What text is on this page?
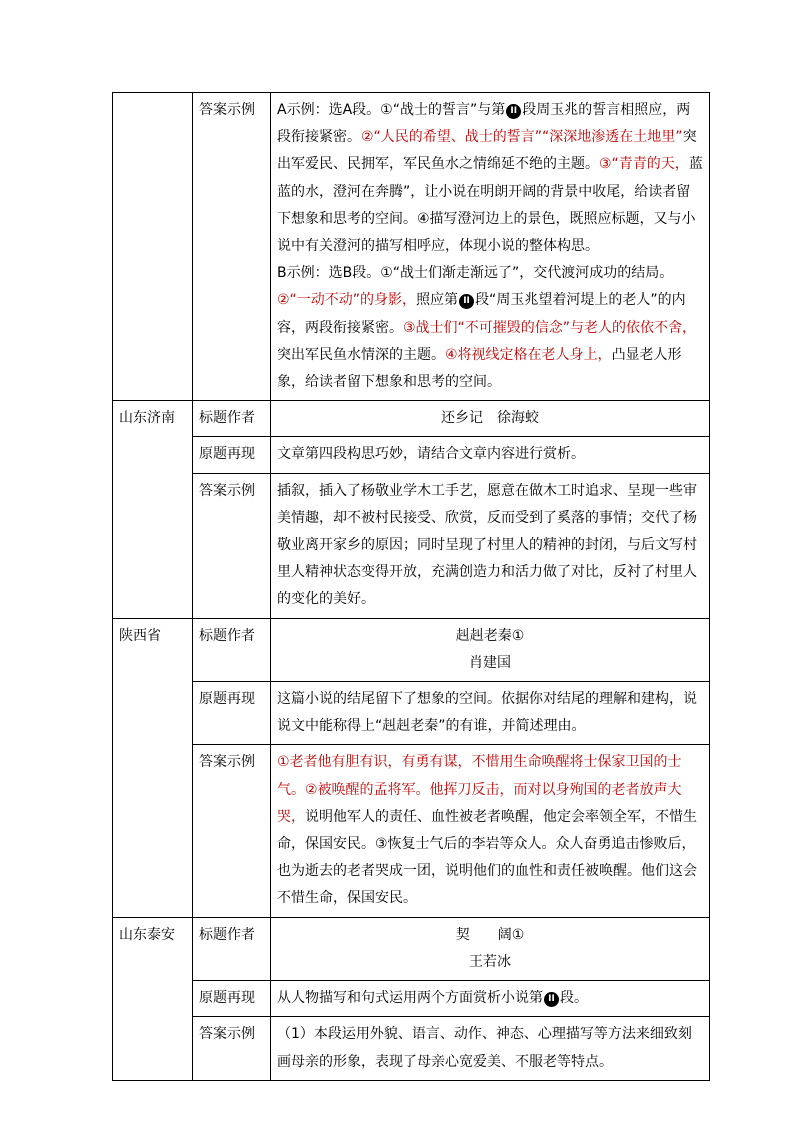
	答案示例	A示例：选A段。①“战士的誓言”与第 II 段周玉兆的誓言相照应，两段衔接紧密。②“人民的希望、战士的誓言”“深深地渗透在土地里”突出军爱民、民拥军，军民鱼水之情绵延不绝的主题。③“青青的天，蓝蓝的水，澄河在奔腾”，让小说在明朗开阔的背景中收尾，给读者留下想象和思考的空间。④描写澄河边上的景色，既照应标题，又与小说中有关澄河的描写相呼应，体现小说的整体构思。
B示例：选B段。①“战士们渐走渐远了”，交代渡河成功的结局。②“一动不动”的身影，照应第 II 段“周玉兆望着河堤上的老人”的内容，两段衔接紧密。③战士们“不可摧毁的信念”与老人的依依不舍，突出军民鱼水情深的主题。④将视线定格在老人身上，凸显老人形象，给读者留下想象和思考的空间。

山东济南	标题作者	还乡记　徐海蛟
	原题再现	文章第四段构思巧妙，请结合文章内容进行赏析。
	答案示例	插叙，插入了杨敬业学木工手艺，愿意在做木工时追求、呈现一些审美情趣，却不被村民接受、欣赏，反而受到了奚落的事情；交代了杨敬业离开家乡的原因；同时呈现了村里人的精神的封闭，与后文写村里人精神状态变得开放，充满创造力和活力做了对比，反衬了村里人的变化的美好。
陕西省	标题作者	赳赳老秦①
肖建国

	原题再现	这篇小说的结尾留下了想象的空间。依据你对结尾的理解和建构，说说文中能称得上“赳赳老秦”的有谁，并简述理由。
	答案示例	①老者他有胆有识，有勇有谋，不惜用生命唤醒将士保家卫国的士气。②被唤醒的孟将军。他挥刀反击，而对以身殉国的老者放声大哭，说明他军人的责任、血性被老者唤醒，他定会率领全军，不惜生命，保国安民。③恢复士气后的李岩等众人。众人奋勇追击惨败后，也为逝去的老者哭成一团，说明他们的血性和责任被唤醒。他们这会不惜生命，保国安民。

山东泰安	标题作者	契　　阔①
王若冰

	原题再现	从人物描写和句式运用两个方面赏析小说第 II 段。
	答案示例	（1）本段运用外貌、语言、动作、神态、心理描写等方法来细致刻画母亲的形象，表现了母亲心宽爱美、不服老等特点。
